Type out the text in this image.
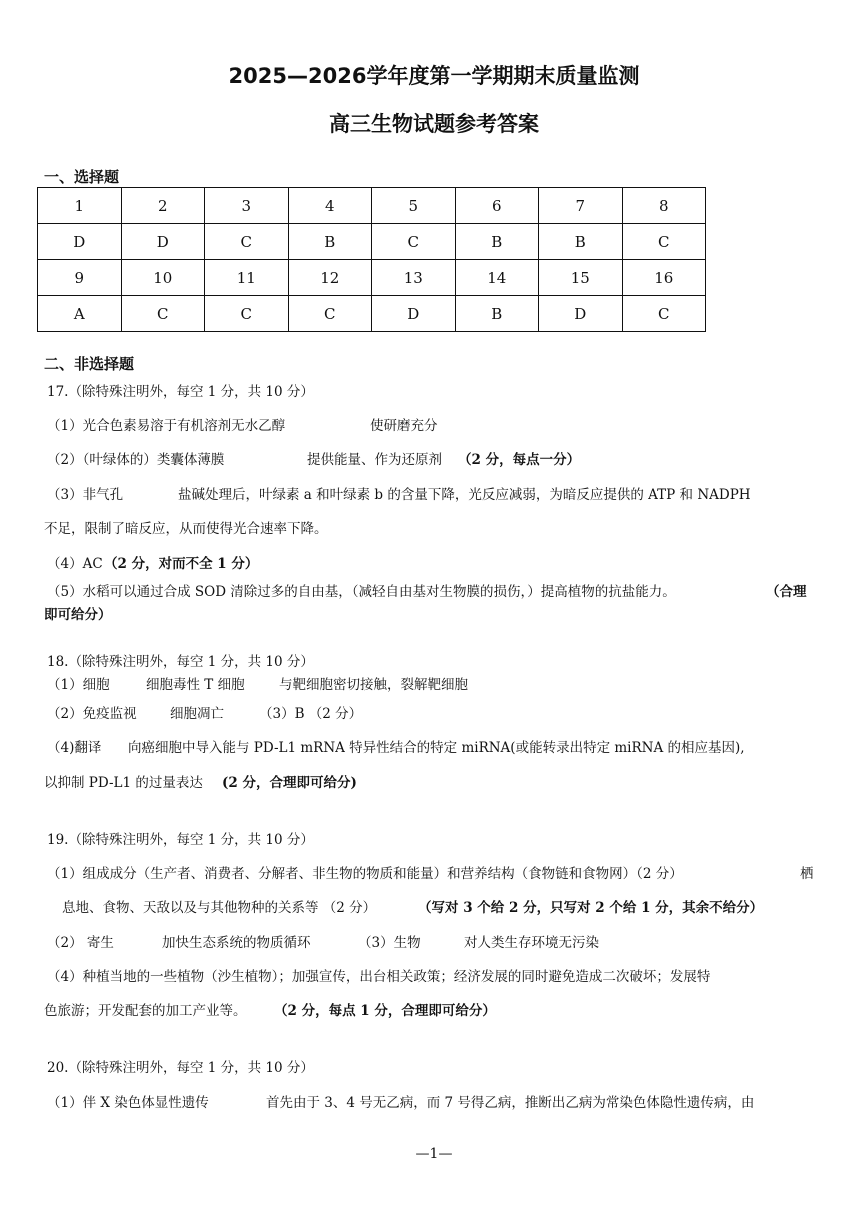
2025—2026学年度第一学期期末质量监测
高三生物试题参考答案
一、选择题
1	2	3	4	5	6	7	8
D	D	C	B	C	B	B	C
9	10	11	12	13	14	15	16
A	C	C	C	D	B	D	C
二、非选择题
17.（除特殊注明外，每空 1 分，共 10 分）
（1）光合色素易溶于有机溶剂无水乙醇	使研磨充分
（2）（叶绿体的）类囊体薄膜	提供能量、作为还原剂 （2 分，每点一分）
（3）非气孔	盐碱处理后，叶绿素 a 和叶绿素 b 的含量下降，光反应减弱，为暗反应提供的 ATP 和 NADPH
不足，限制了暗反应，从而使得光合速率下降。
（4）AC （2 分，对而不全 1 分）
（5）水稻可以通过合成 SOD 清除过多的自由基，（减轻自由基对生物膜的损伤，）提高植物的抗盐能力。	（合理
即可给分）
18.（除特殊注明外，每空 1 分，共 10 分）
（1）细胞	细胞毒性 T 细胞	与靶细胞密切接触，裂解靶细胞
（2）免疫监视 细胞凋亡	（3）B （2 分）
（4)翻译 向癌细胞中导入能与 PD-L1 mRNA 特异性结合的特定 miRNA(或能转录出特定 miRNA 的相应基因),
以抑制 PD-L1 的过量表达 (2 分，合理即可给分)
19.（除特殊注明外，每空 1 分，共 10 分）
（1）组成成分（生产者、消费者、分解者、非生物的物质和能量）和营养结构（食物链和食物网）（2 分）	栖
息地、食物、天敌以及与其他物种的关系等 （2 分）	（写对 3 个给 2 分，只写对 2 个给 1 分，其余不给分）
（2） 寄生	加快生态系统的物质循环	（3）生物	对人类生存环境无污染
（4）种植当地的一些植物（沙生植物）；加强宣传，出台相关政策；经济发展的同时避免造成二次破坏；发展特
色旅游；开发配套的加工产业等。 （2 分，每点 1 分，合理即可给分）
20.（除特殊注明外，每空 1 分，共 10 分）
（1）伴 X 染色体显性遗传	首先由于 3、4 号无乙病，而 7 号得乙病，推断出乙病为常染色体隐性遗传病，由
—1—
